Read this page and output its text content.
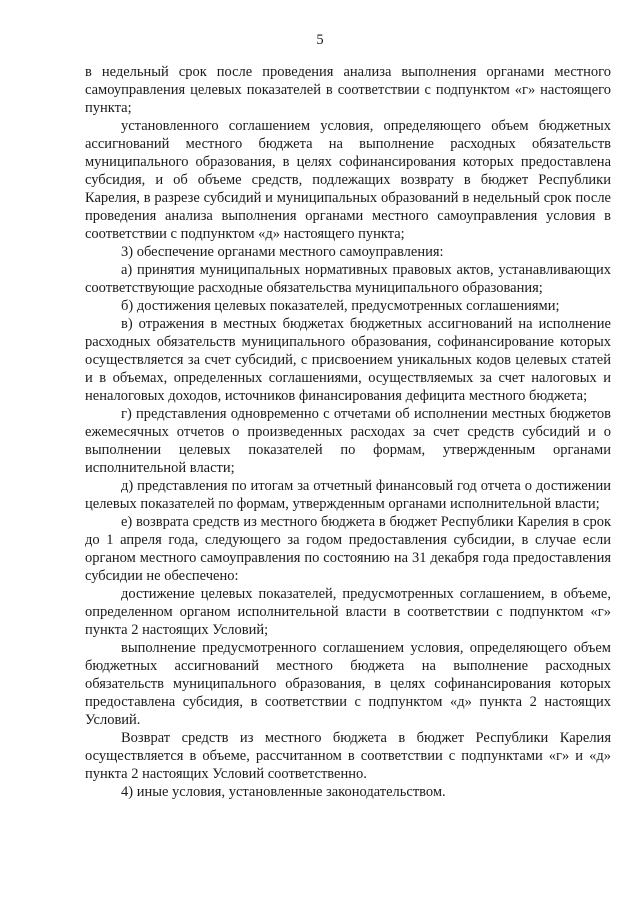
5

в недельный срок после проведения анализа выполнения органами местного самоуправления целевых показателей в соответствии с подпунктом «г» настоящего пункта;

установленного соглашением условия, определяющего объем бюджетных ассигнований местного бюджета на выполнение расходных обязательств муниципального образования, в целях софинансирования которых предоставлена субсидия, и об объеме средств, подлежащих возврату в бюджет Республики Карелия, в разрезе субсидий и муниципальных образований в недельный срок после проведения анализа выполнения органами местного самоуправления условия в соответствии с подпунктом «д» настоящего пункта;

3) обеспечение органами местного самоуправления:

а) принятия муниципальных нормативных правовых актов, устанавливающих соответствующие расходные обязательства муниципального образования;

б) достижения целевых показателей, предусмотренных соглашениями;

в) отражения в местных бюджетах бюджетных ассигнований на исполнение расходных обязательств муниципального образования, софинансирование которых осуществляется за счет субсидий, с присвоением уникальных кодов целевых статей и в объемах, определенных соглашениями, осуществляемых за счет налоговых и неналоговых доходов, источников финансирования дефицита местного бюджета;

г) представления одновременно с отчетами об исполнении местных бюджетов ежемесячных отчетов о произведенных расходах за счет средств субсидий и о выполнении целевых показателей по формам, утвержденным органами исполнительной власти;

д) представления по итогам за отчетный финансовый год отчета о достижении целевых показателей по формам, утвержденным органами исполнительной власти;

е) возврата средств из местного бюджета в бюджет Республики Карелия в срок до 1 апреля года, следующего за годом предоставления субсидии, в случае если органом местного самоуправления по состоянию на 31 декабря года предоставления субсидии не обеспечено:

достижение целевых показателей, предусмотренных соглашением, в объеме, определенном органом исполнительной власти в соответствии с подпунктом «г» пункта 2 настоящих Условий;

выполнение предусмотренного соглашением условия, определяющего объем бюджетных ассигнований местного бюджета на выполнение расходных обязательств муниципального образования, в целях софинансирования которых предоставлена субсидия, в соответствии с подпунктом «д» пункта 2 настоящих Условий.

Возврат средств из местного бюджета в бюджет Республики Карелия осуществляется в объеме, рассчитанном в соответствии с подпунктами «г» и «д» пункта 2 настоящих Условий соответственно.

4) иные условия, установленные законодательством.
